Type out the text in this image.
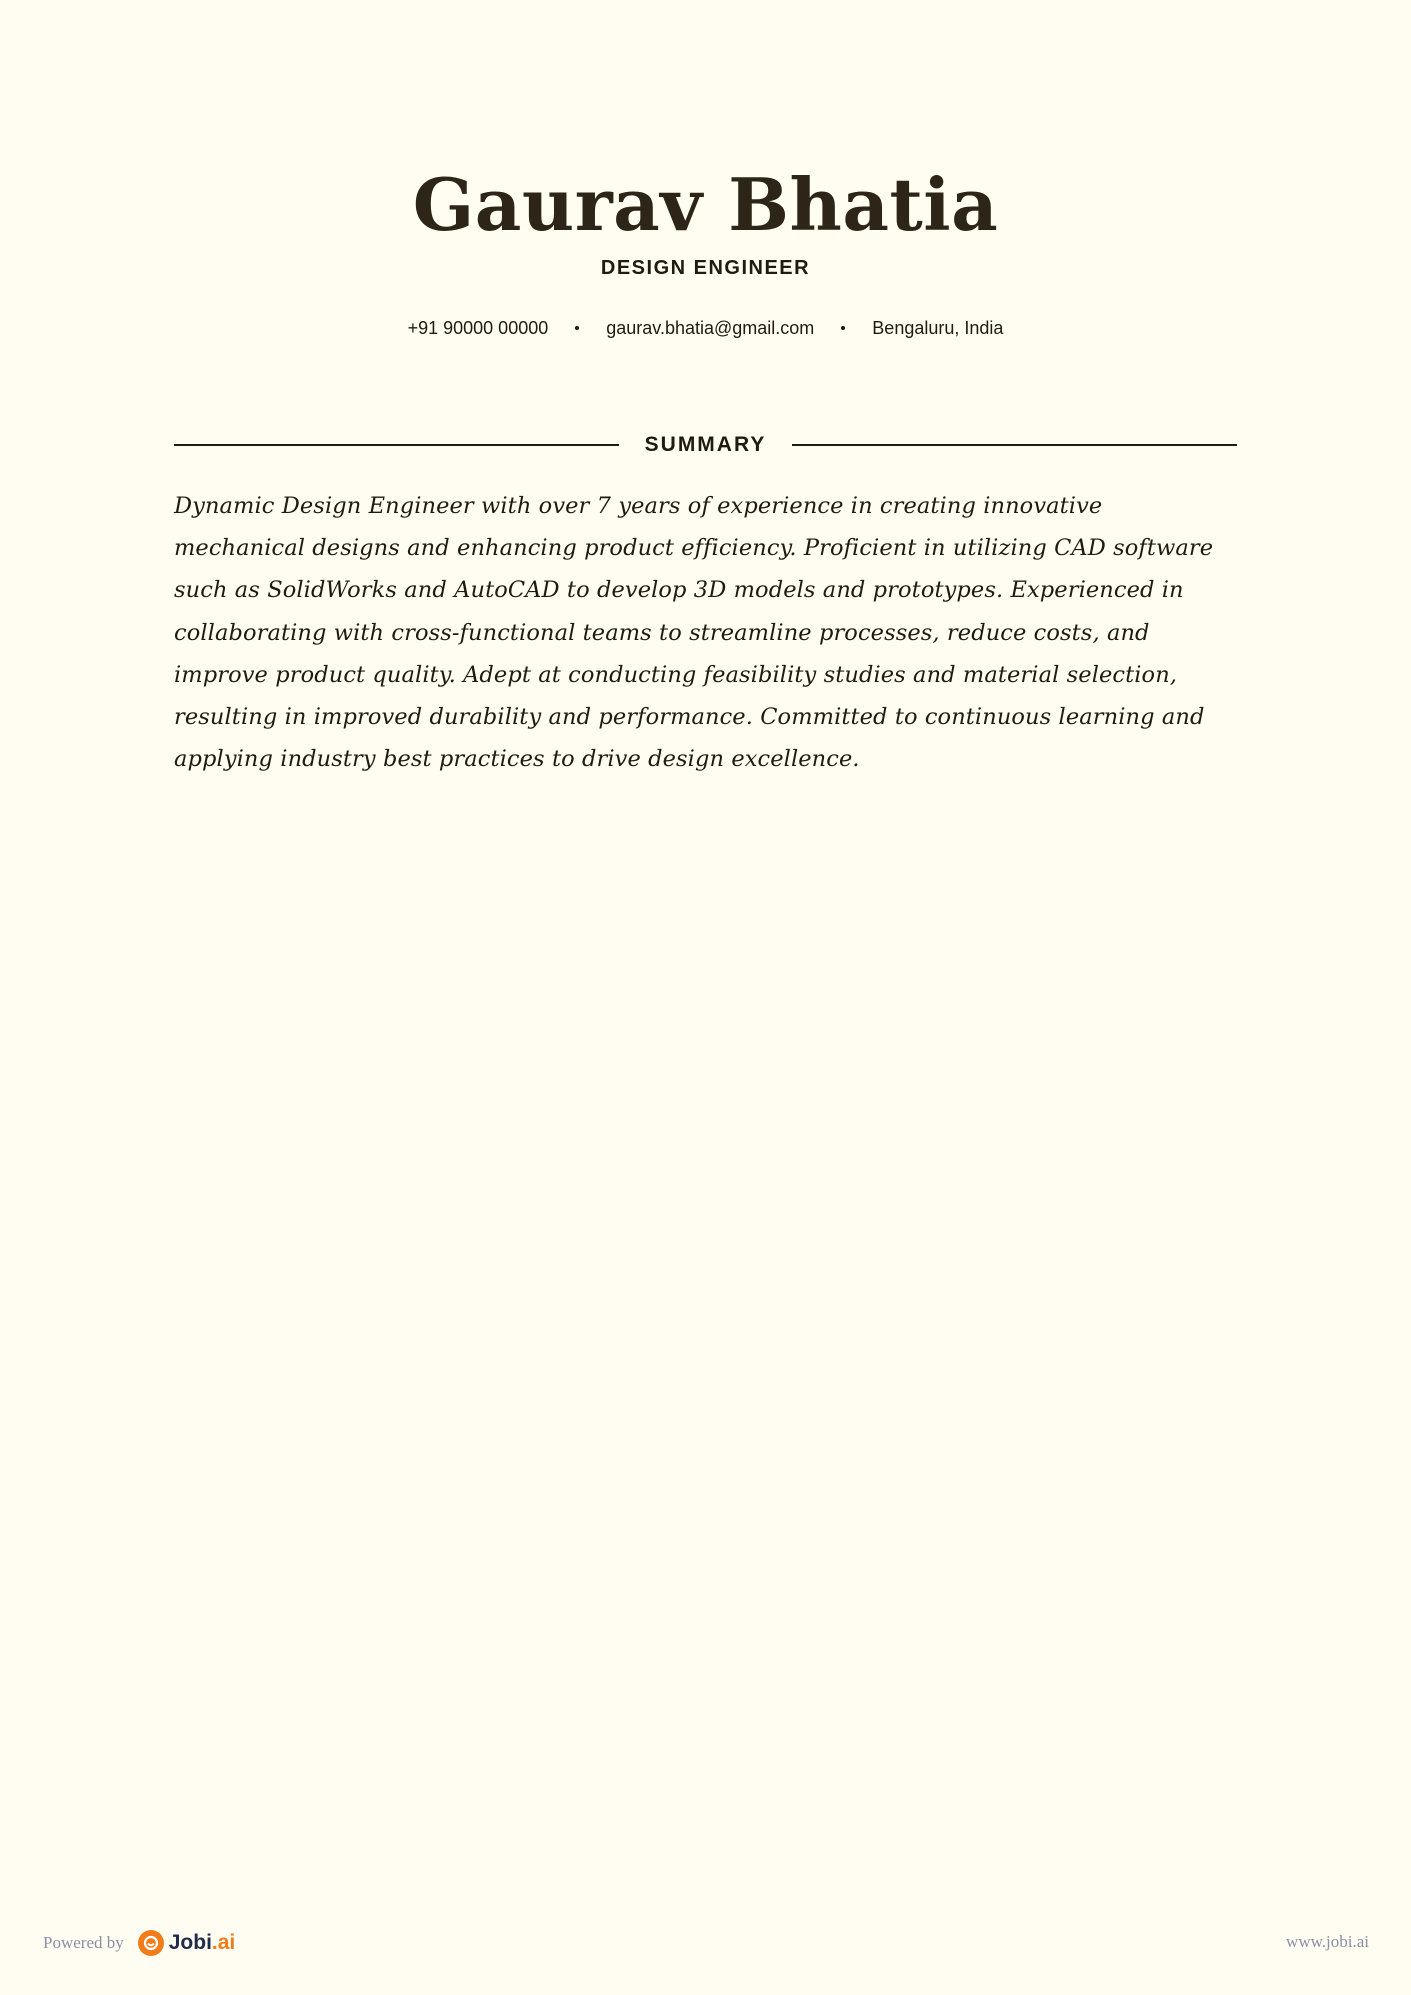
Gaurav Bhatia
DESIGN ENGINEER
+91 90000 00000	gaurav.bhatia@gmail.com	Bengaluru, India
SUMMARY

Dynamic Design Engineer with over 7 years of experience in creating innovative mechanical designs and enhancing product efficiency. Proficient in utilizing CAD software such as SolidWorks and AutoCAD to develop 3D models and prototypes. Experienced in collaborating with cross-functional teams to streamline processes, reduce costs, and improve product quality. Adept at conducting feasibility studies and material selection, resulting in improved durability and performance. Committed to continuous learning and applying industry best practices to drive design excellence.

Powered by Jobi.ai	www.jobi.ai
